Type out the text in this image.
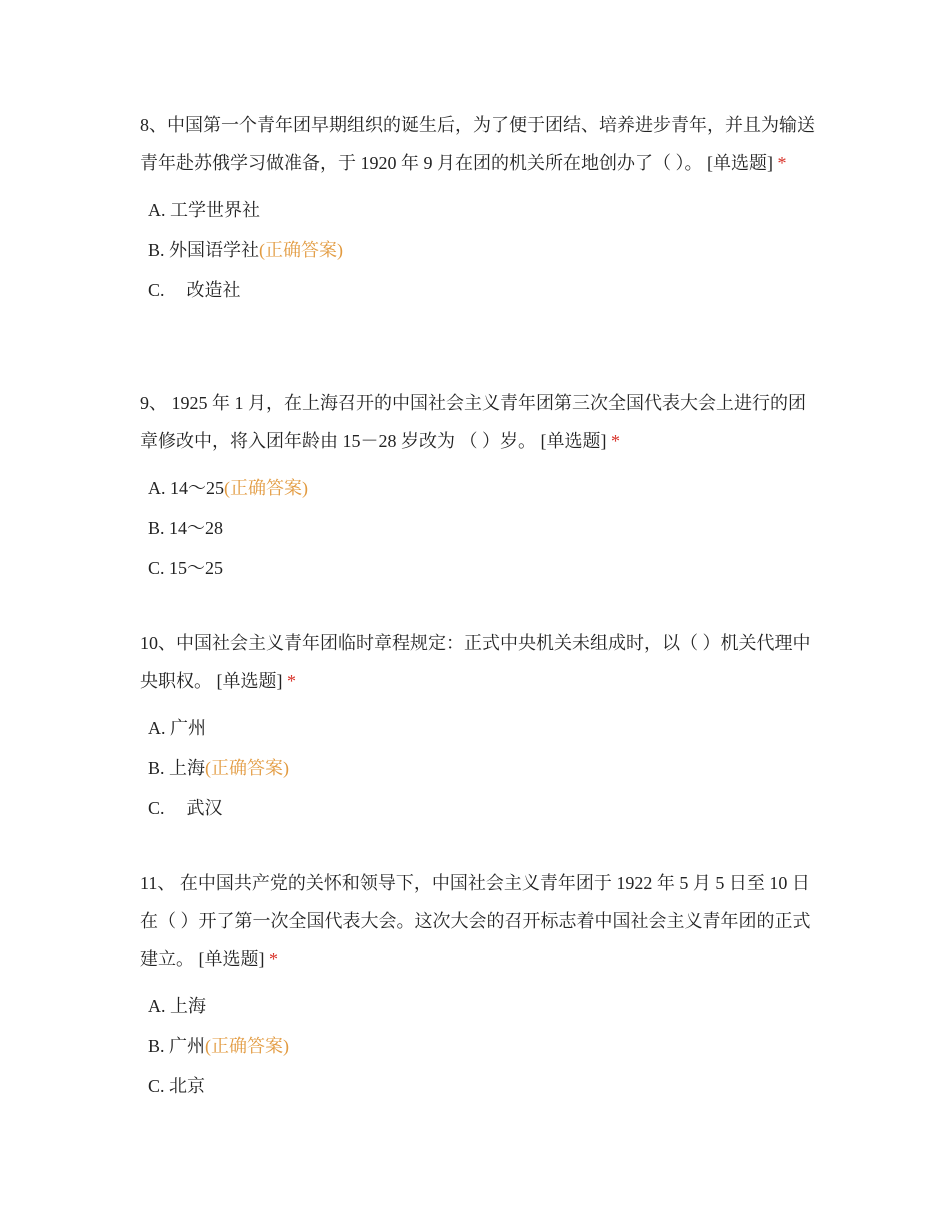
8、中国第一个青年团早期组织的诞生后，为了便于团结、培养进步青年，并且为输送青年赴苏俄学习做准备，于 1920 年 9 月在团的机关所在地创办了（ ）。 [单选题] *

A. 工学世界社
B. 外国语学社(正确答案)
C. 改造社

9、 1925 年 1 月，在上海召开的中国社会主义青年团第三次全国代表大会上进行的团章修改中，将入团年龄由 15－28 岁改为 （ ）岁。 [单选题] *

A. 14～25(正确答案)
B. 14～28
C. 15～25

10、中国社会主义青年团临时章程规定：正式中央机关未组成时，以（ ）机关代理中央职权。 [单选题] *

A. 广州
B. 上海(正确答案)
C. 武汉

11、 在中国共产党的关怀和领导下，中国社会主义青年团于 1922 年 5 月 5 日至 10 日在（ ）开了第一次全国代表大会。这次大会的召开标志着中国社会主义青年团的正式建立。 [单选题] *

A. 上海
B. 广州(正确答案)
C. 北京
